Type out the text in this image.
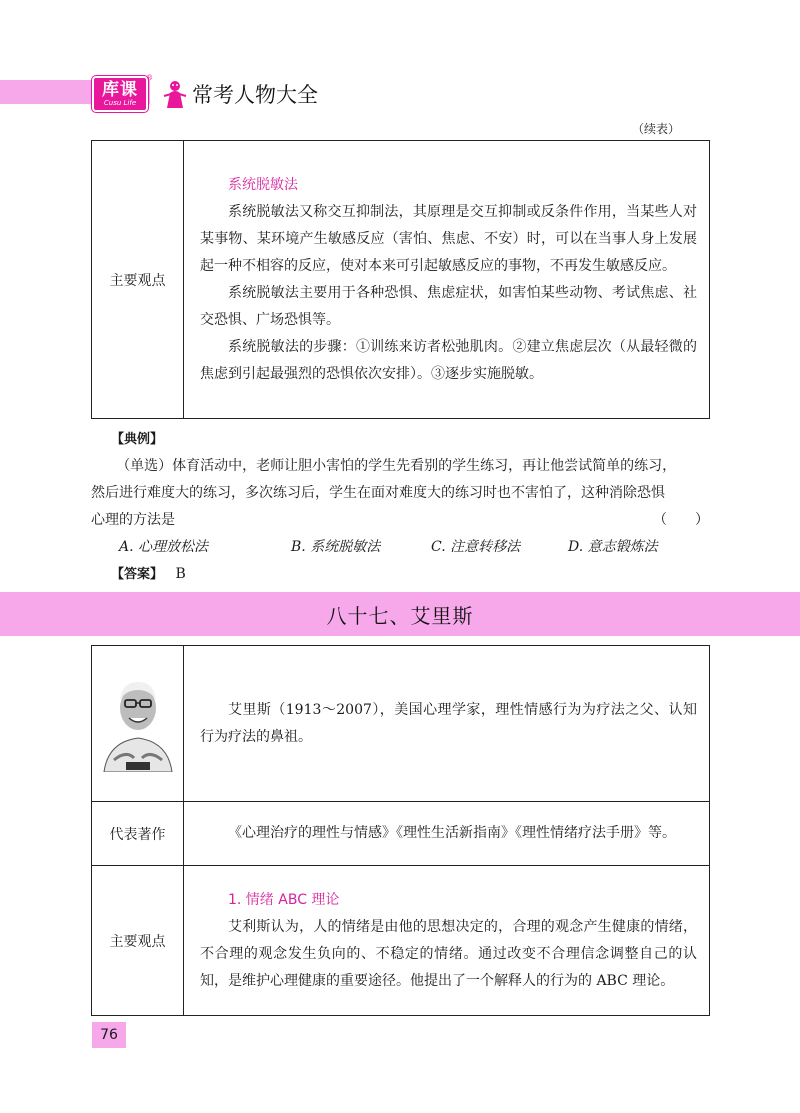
库课
Cusu Life
®
常考人物大全
（续表）
主要观点	
系统脱敏法
系统脱敏法又称交互抑制法，其原理是交互抑制或反条件作用，当某些人对某事物、某环境产生敏感反应（害怕、焦虑、不安）时，可以在当事人身上发展起一种不相容的反应，使对本来可引起敏感反应的事物，不再发生敏感反应。
系统脱敏法主要用于各种恐惧、焦虑症状，如害怕某些动物、考试焦虑、社交恐惧、广场恐惧等。
系统脱敏法的步骤：①训练来访者松弛肌肉。②建立焦虑层次（从最轻微的焦虑到引起最强烈的恐惧依次安排）。③逐步实施脱敏。
【典例】
（单选）体育活动中，老师让胆小害怕的学生先看别的学生练习，再让他尝试简单的练习，
然后进行难度大的练习，多次练习后，学生在面对难度大的练习时也不害怕了，这种消除恐惧
心理的方法是	（　　）
A. 心理放松法	B. 系统脱敏法	C. 注意转移法	D. 意志锻炼法
【答案】 B
八十七、艾里斯

艾里斯（1913～2007），美国心理学家，理性情感行为为疗法之父、认知行为疗法的鼻祖。

代表著作	《心理治疗的理性与情感》《理性生活新指南》《理性情绪疗法手册》等。

主要观点	1. 情绪 ABC 理论
艾利斯认为，人的情绪是由他的思想决定的，合理的观念产生健康的情绪，不合理的观念发生负向的、不稳定的情绪。通过改变不合理信念调整自己的认知，是维护心理健康的重要途径。他提出了一个解释人的行为的 ABC 理论。
76
